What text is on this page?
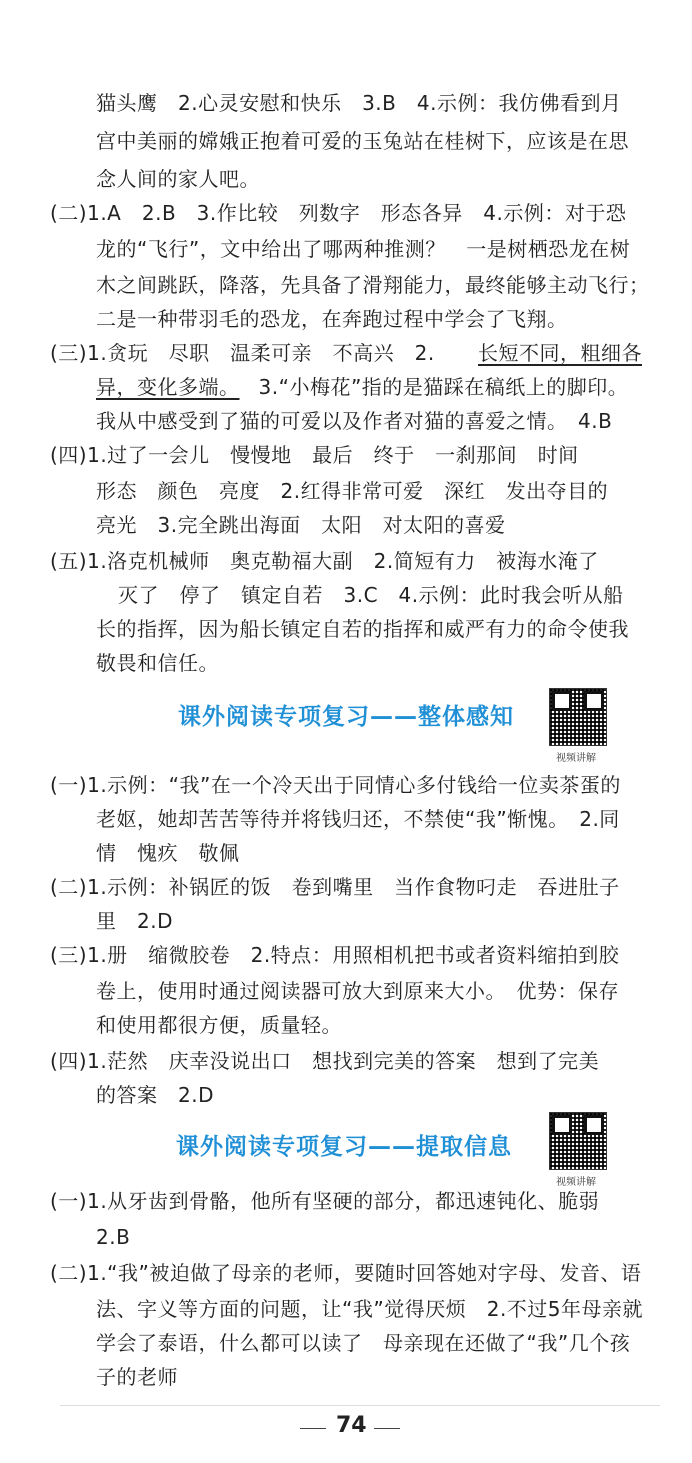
猫头鹰　2.心灵安慰和快乐　3.B　4.示例：我仿佛看到月
宫中美丽的嫦娥正抱着可爱的玉兔站在桂树下，应该是在思
念人间的家人吧。
(二)1.A　2.B　3.作比较　列数字　形态各异　4.示例：对于恐
龙的“飞行”，文中给出了哪两种推测？　一是树栖恐龙在树
木之间跳跃，降落，先具备了滑翔能力，最终能够主动飞行；
二是一种带羽毛的恐龙，在奔跑过程中学会了飞翔。
(三)1.贪玩　尽职　温柔可亲　不高兴　2. 长短不同，粗细各
异，变化多端。
　3.“小梅花”指的是猫踩在稿纸上的脚印。
我从中感受到了猫的可爱以及作者对猫的喜爱之情。　4.B
(四)1.过了一会儿　慢慢地　最后　终于　一刹那间　时间
形态　颜色　亮度　2.红得非常可爱　深红　发出夺目的
亮光　3.完全跳出海面　太阳　对太阳的喜爱
(五)1.洛克机械师　奥克勒福大副　2.简短有力　被海水淹了
灭了　停了　镇定自若　3.C　4.示例：此时我会听从船
长的指挥，因为船长镇定自若的指挥和威严有力的命令使我
敬畏和信任。
课外阅读专项复习——整体感知
视频讲解
(一)1.示例：“我”在一个冷天出于同情心多付钱给一位卖茶蛋的
老妪，她却苦苦等待并将钱归还，不禁使“我”惭愧。　2.同
情　愧疚　敬佩
(二)1.示例：补锅匠的饭　卷到嘴里　当作食物叼走　吞进肚子
里　2.D
(三)1.册　缩微胶卷　2.特点：用照相机把书或者资料缩拍到胶
卷上，使用时通过阅读器可放大到原来大小。　优势：保存
和使用都很方便，质量轻。
(四)1.茫然　庆幸没说出口　想找到完美的答案　想到了完美
的答案　2.D
课外阅读专项复习——提取信息
视频讲解
(一)1.从牙齿到骨骼，他所有坚硬的部分，都迅速钝化、脆弱
2.B
(二)1.“我”被迫做了母亲的老师，要随时回答她对字母、发音、语
法、字义等方面的问题，让“我”觉得厌烦　2.不过5年母亲就
学会了泰语，什么都可以读了　母亲现在还做了“我”几个孩
子的老师
74
